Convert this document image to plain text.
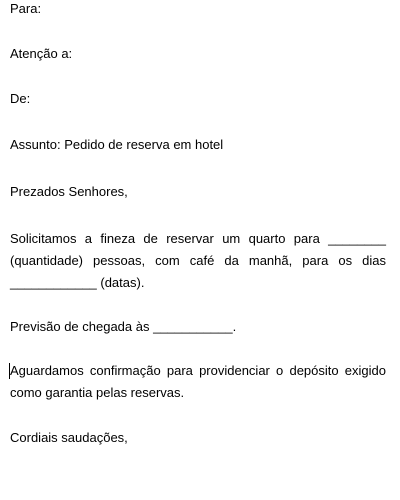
Para:
Atenção a:
De:
Assunto: Pedido de reserva em hotel
Prezados Senhores,
Solicitamos a fineza de reservar um quarto para ________ (quantidade) pessoas, com café da manhã, para os dias ____________ (datas).
Previsão de chegada às ___________.
Aguardamos confirmação para providenciar o depósito exigido como garantia pelas reservas.
Cordiais saudações,
